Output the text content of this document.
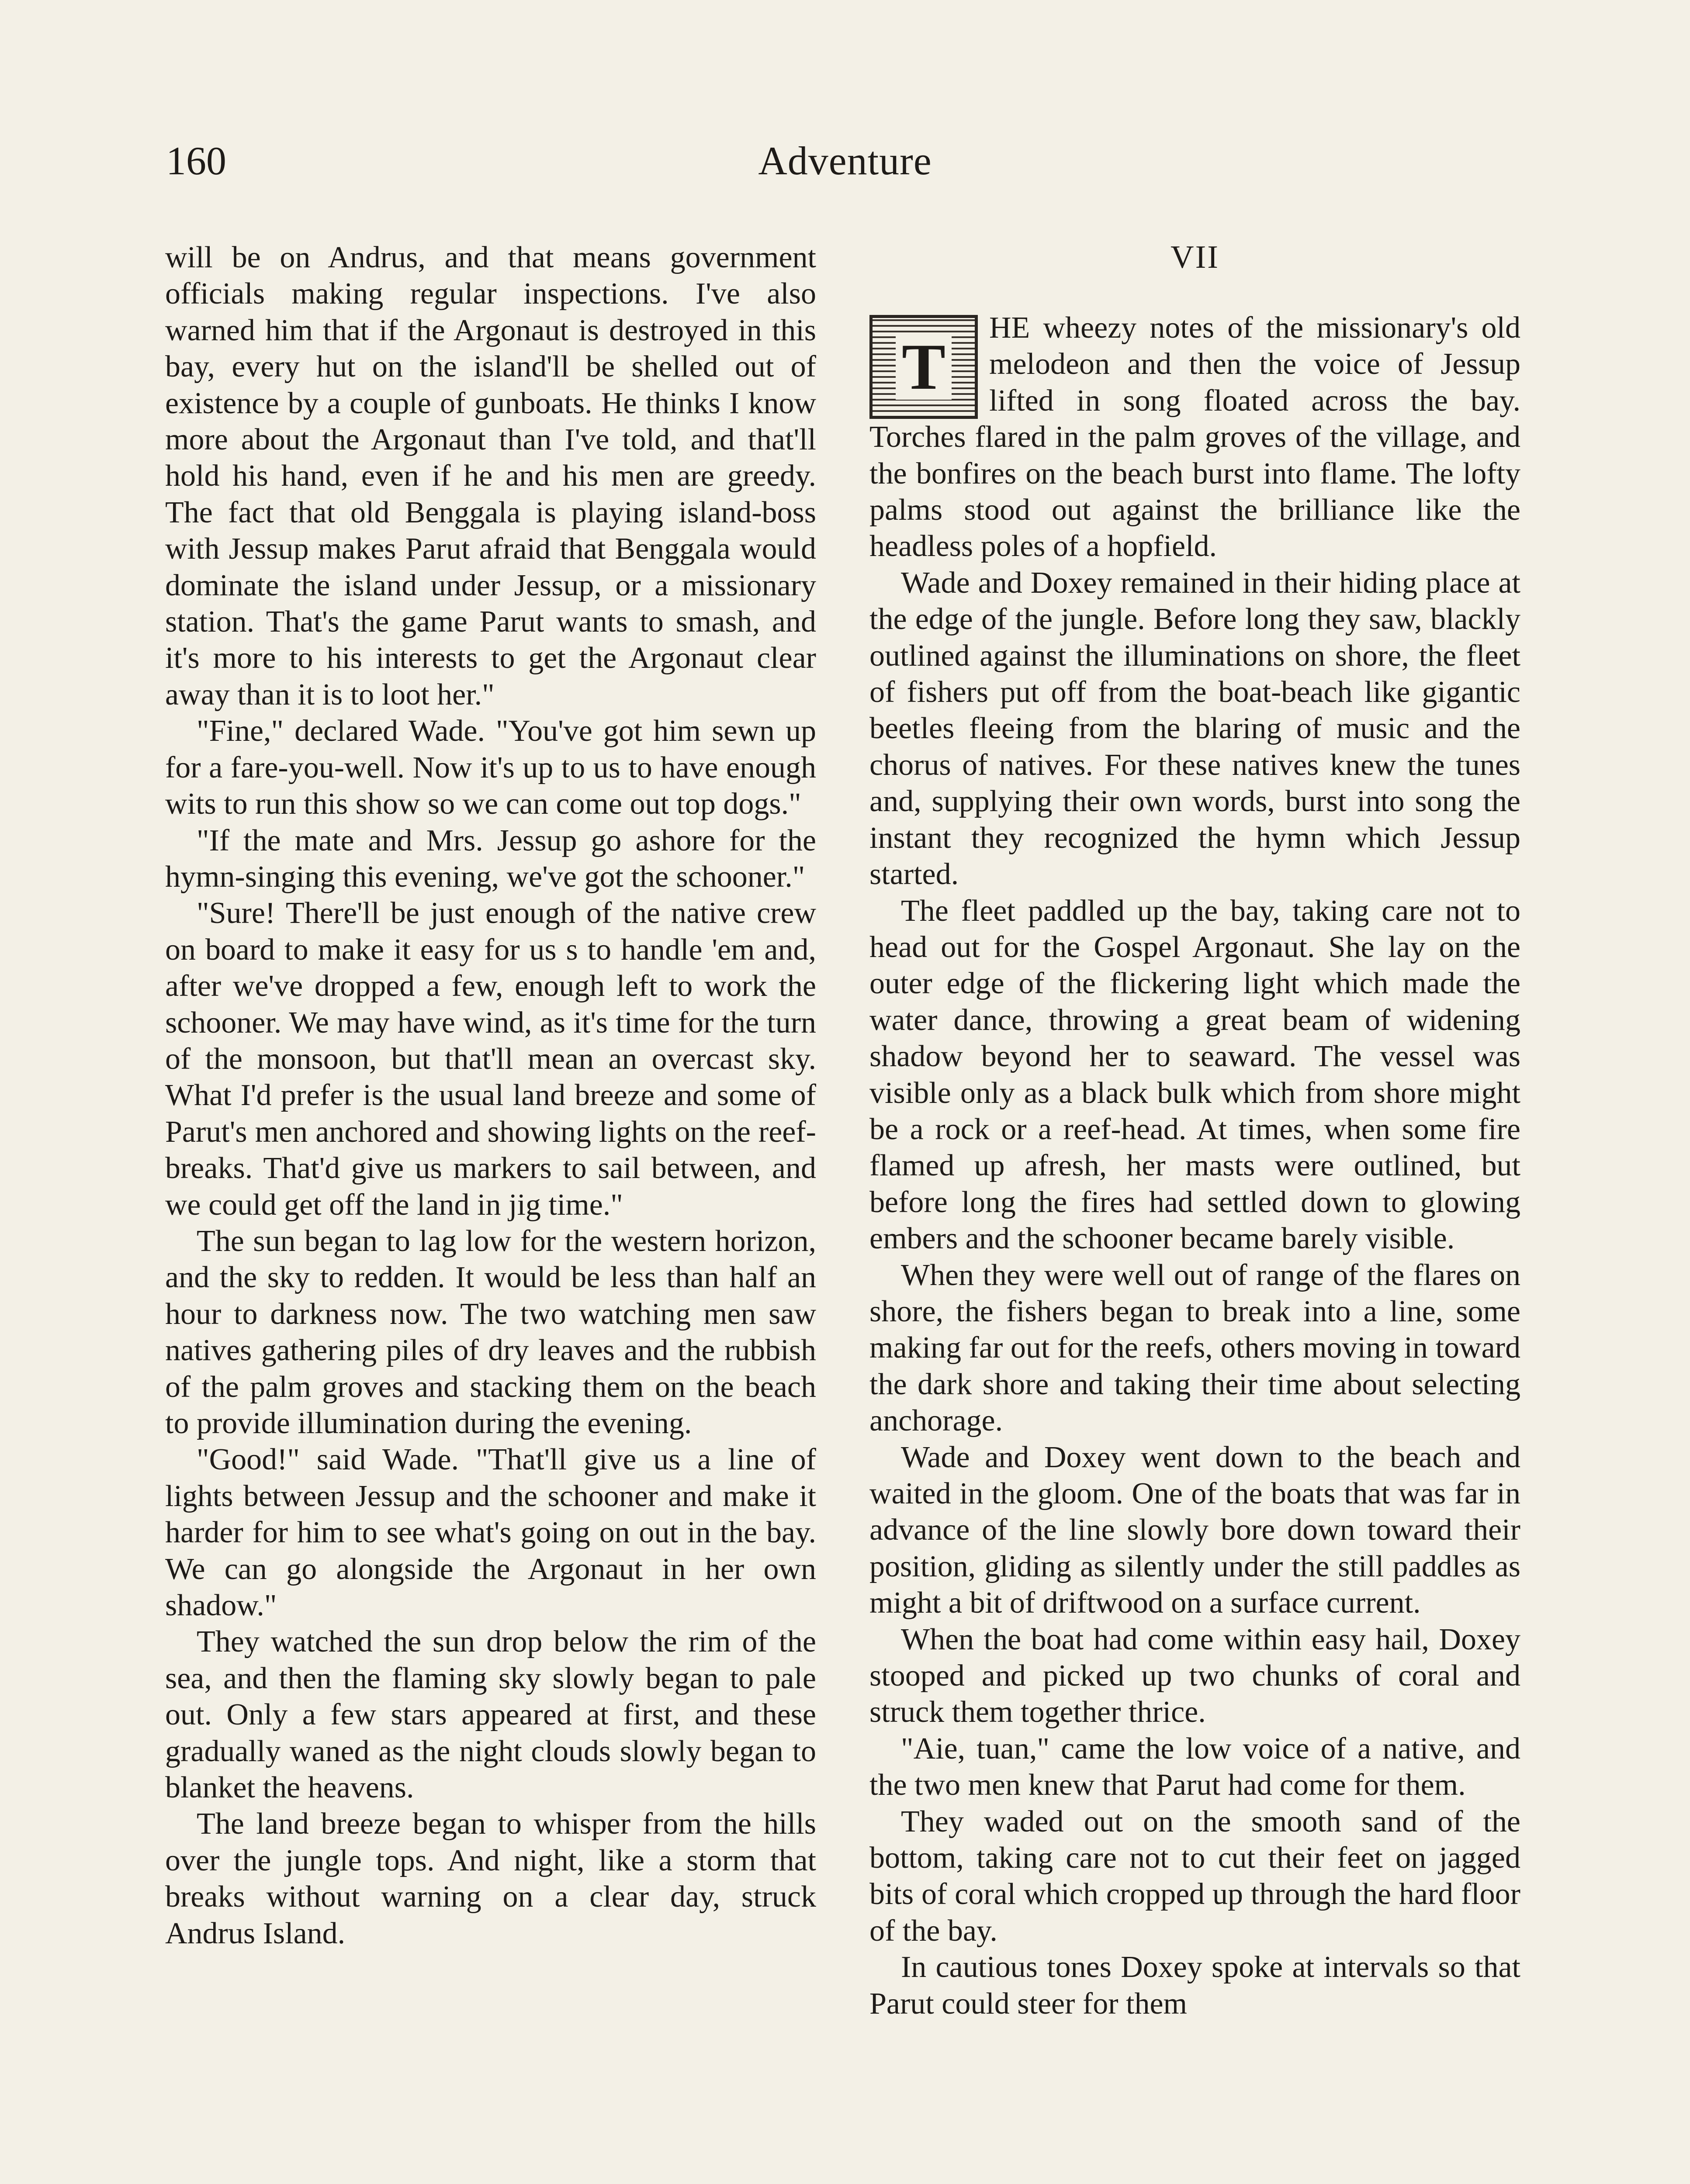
160	Adventure

will be on Andrus, and that means government officials making regular inspections. I've also warned him that if the Argonaut is destroyed in this bay, every hut on the island'll be shelled out of existence by a couple of gunboats. He thinks I know more about the Argonaut than I've told, and that'll hold his hand, even if he and his men are greedy. The fact that old Benggala is playing island-boss with Jessup makes Parut afraid that Benggala would dominate the island under Jessup, or a missionary station. That's the game Parut wants to smash, and it's more to his interests to get the Argonaut clear away than it is to loot her."

"Fine," declared Wade. "You've got him sewn up for a fare-you-well. Now it's up to us to have enough wits to run this show so we can come out top dogs."

"If the mate and Mrs. Jessup go ashore for the hymn-singing this evening, we've got the schooner."

"Sure! There'll be just enough of the native crew on board to make it easy for us s to handle 'em and, after we've dropped a few, enough left to work the schooner. We may have wind, as it's time for the turn of the monsoon, but that'll mean an overcast sky. What I'd prefer is the usual land breeze and some of Parut's men anchored and showing lights on the reef-breaks. That'd give us markers to sail between, and we could get off the land in jig time."

The sun began to lag low for the western horizon, and the sky to redden. It would be less than half an hour to darkness now. The two watching men saw natives gathering piles of dry leaves and the rubbish of the palm groves and stacking them on the beach to provide illumination during the evening.

"Good!" said Wade. "That'll give us a line of lights between Jessup and the schooner and make it harder for him to see what's going on out in the bay. We can go alongside the Argonaut in her own shadow."

They watched the sun drop below the rim of the sea, and then the flaming sky slowly began to pale out. Only a few stars appeared at first, and these gradually waned as the night clouds slowly began to blanket the heavens.

The land breeze began to whisper from the hills over the jungle tops. And night, like a storm that breaks without warning on a clear day, struck Andrus Island.

VII
T

HE wheezy notes of the missionary's old melodeon and then the voice of Jessup lifted in song floated across the bay. Torches flared in the palm groves of the village, and the bonfires on the beach burst into flame. The lofty palms stood out against the brilliance like the headless poles of a hopfield.

Wade and Doxey remained in their hiding place at the edge of the jungle. Before long they saw, blackly outlined against the illuminations on shore, the fleet of fishers put off from the boat-beach like gigantic beetles fleeing from the blaring of music and the chorus of natives. For these natives knew the tunes and, supplying their own words, burst into song the instant they recognized the hymn which Jessup started.

The fleet paddled up the bay, taking care not to head out for the Gospel Argonaut. She lay on the outer edge of the flickering light which made the water dance, throwing a great beam of widening shadow beyond her to seaward. The vessel was visible only as a black bulk which from shore might be a rock or a reef-head. At times, when some fire flamed up afresh, her masts were outlined, but before long the fires had settled down to glowing embers and the schooner became barely visible.

When they were well out of range of the flares on shore, the fishers began to break into a line, some making far out for the reefs, others moving in toward the dark shore and taking their time about selecting anchorage.

Wade and Doxey went down to the beach and waited in the gloom. One of the boats that was far in advance of the line slowly bore down toward their position, gliding as silently under the still paddles as might a bit of driftwood on a surface current.

When the boat had come within easy hail, Doxey stooped and picked up two chunks of coral and struck them together thrice.

"Aie, tuan," came the low voice of a native, and the two men knew that Parut had come for them.

They waded out on the smooth sand of the bottom, taking care not to cut their feet on jagged bits of coral which cropped up through the hard floor of the bay.

In cautious tones Doxey spoke at intervals so that Parut could steer for them
